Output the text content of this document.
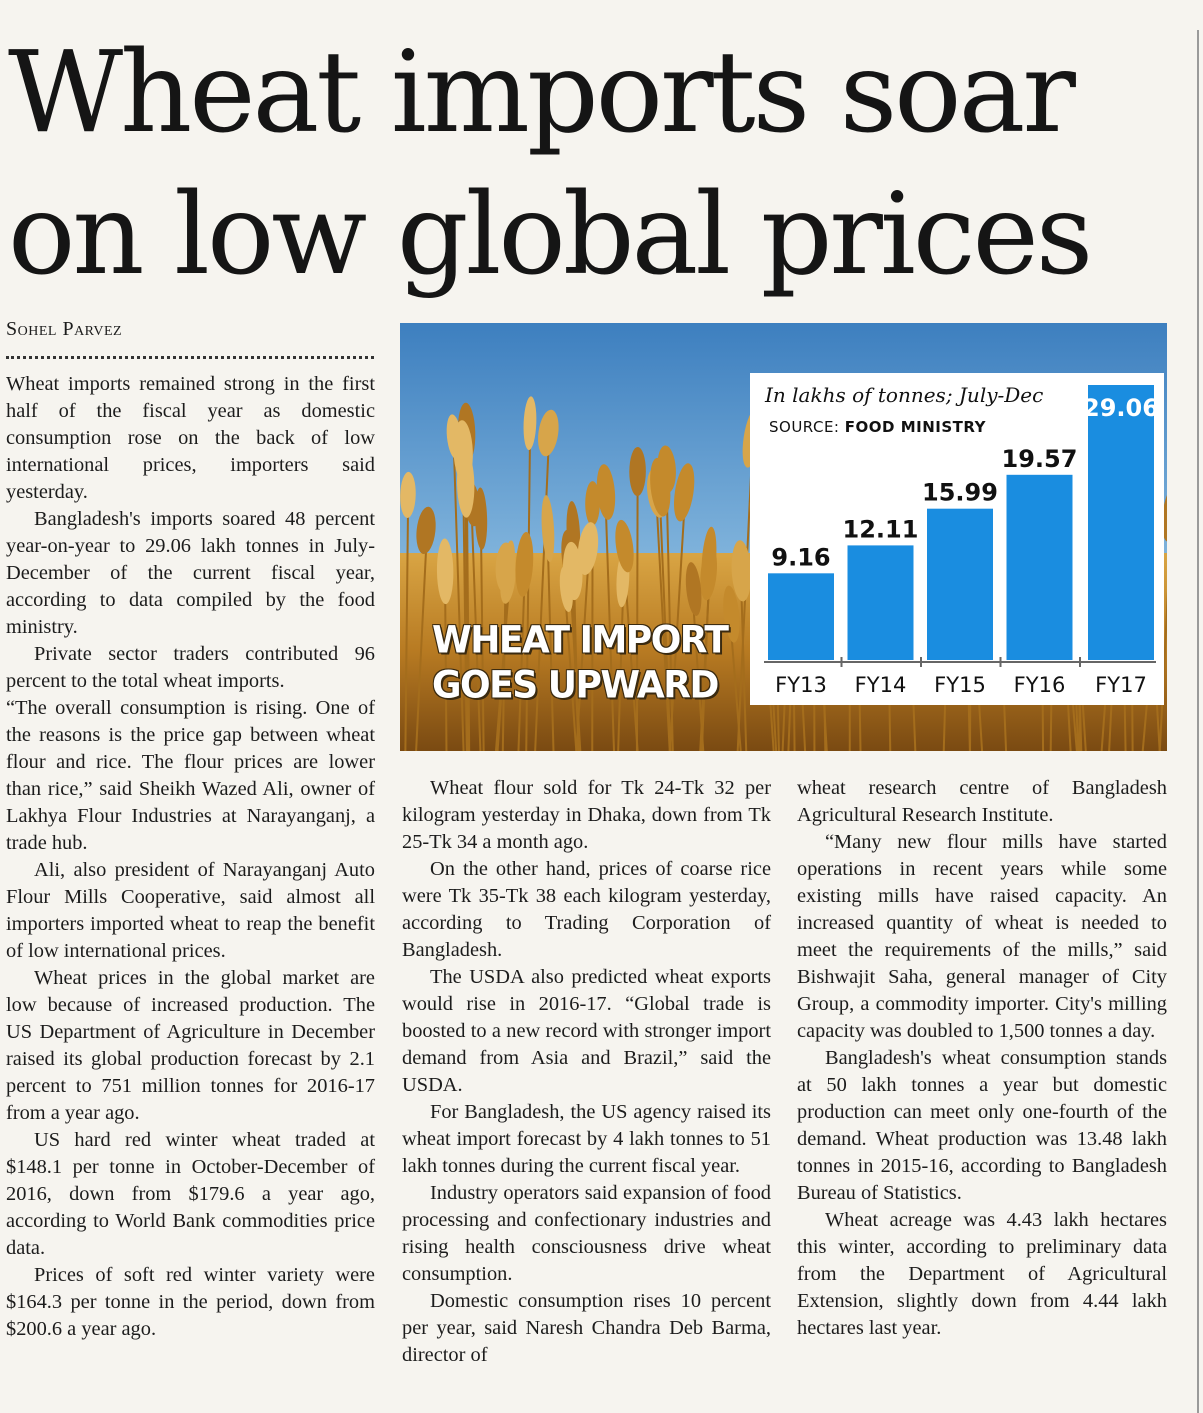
Wheat imports soar
on low global prices
Sohel Parvez

Wheat imports remained strong in the first half of the fiscal year as domestic consumption rose on the back of low international prices, importers said yesterday.

Bangladesh's imports soared 48 percent year-on-year to 29.06 lakh tonnes in July-December of the current fiscal year, according to data compiled by the food ministry.

Private sector traders contributed 96 percent to the total wheat imports.

“The overall consumption is rising. One of the reasons is the price gap between wheat flour and rice. The flour prices are lower than rice,” said Sheikh Wazed Ali, owner of Lakhya Flour Industries at Narayanganj, a trade hub.

Ali, also president of Narayanganj Auto Flour Mills Cooperative, said almost all importers imported wheat to reap the benefit of low international prices.

Wheat prices in the global market are low because of increased production. The US Department of Agriculture in December raised its global production forecast by 2.1 percent to 751 million tonnes for 2016-17 from a year ago.

US hard red winter wheat traded at $148.1 per tonne in October-December of 2016, down from $179.6 a year ago, according to World Bank commodities price data.

Prices of soft red winter variety were $164.3 per tonne in the period, down from $200.6 a year ago.

WHEAT IMPORT
GOES UPWARD
In lakhs of tonnes; July-Dec
SOURCE: FOOD MINISTRY
9.16
FY13
12.11
FY14
15.99
FY15
19.57
FY16
29.06
FY17

Wheat flour sold for Tk 24-Tk 32 per kilogram yesterday in Dhaka, down from Tk 25-Tk 34 a month ago.

On the other hand, prices of coarse rice were Tk 35-Tk 38 each kilogram yesterday, according to Trading Corporation of Bangladesh.

The USDA also predicted wheat exports would rise in 2016-17. “Global trade is boosted to a new record with stronger import demand from Asia and Brazil,” said the USDA.

For Bangladesh, the US agency raised its wheat import forecast by 4 lakh tonnes to 51 lakh tonnes during the current fiscal year.

Industry operators said expansion of food processing and confectionary industries and rising health consciousness drive wheat consumption.

Domestic consumption rises 10 percent per year, said Naresh Chandra Deb Barma, director of

wheat research centre of Bangladesh Agricultural Research Institute.

“Many new flour mills have started operations in recent years while some existing mills have raised capacity. An increased quantity of wheat is needed to meet the requirements of the mills,” said Bishwajit Saha, general manager of City Group, a commodity importer. City's milling capacity was doubled to 1,500 tonnes a day.

Bangladesh's wheat consumption stands at 50 lakh tonnes a year but domestic production can meet only one-fourth of the demand. Wheat production was 13.48 lakh tonnes in 2015-16, according to Bangladesh Bureau of Statistics.

Wheat acreage was 4.43 lakh hectares this winter, according to preliminary data from the Department of Agricultural Extension, slightly down from 4.44 lakh hectares last year.
